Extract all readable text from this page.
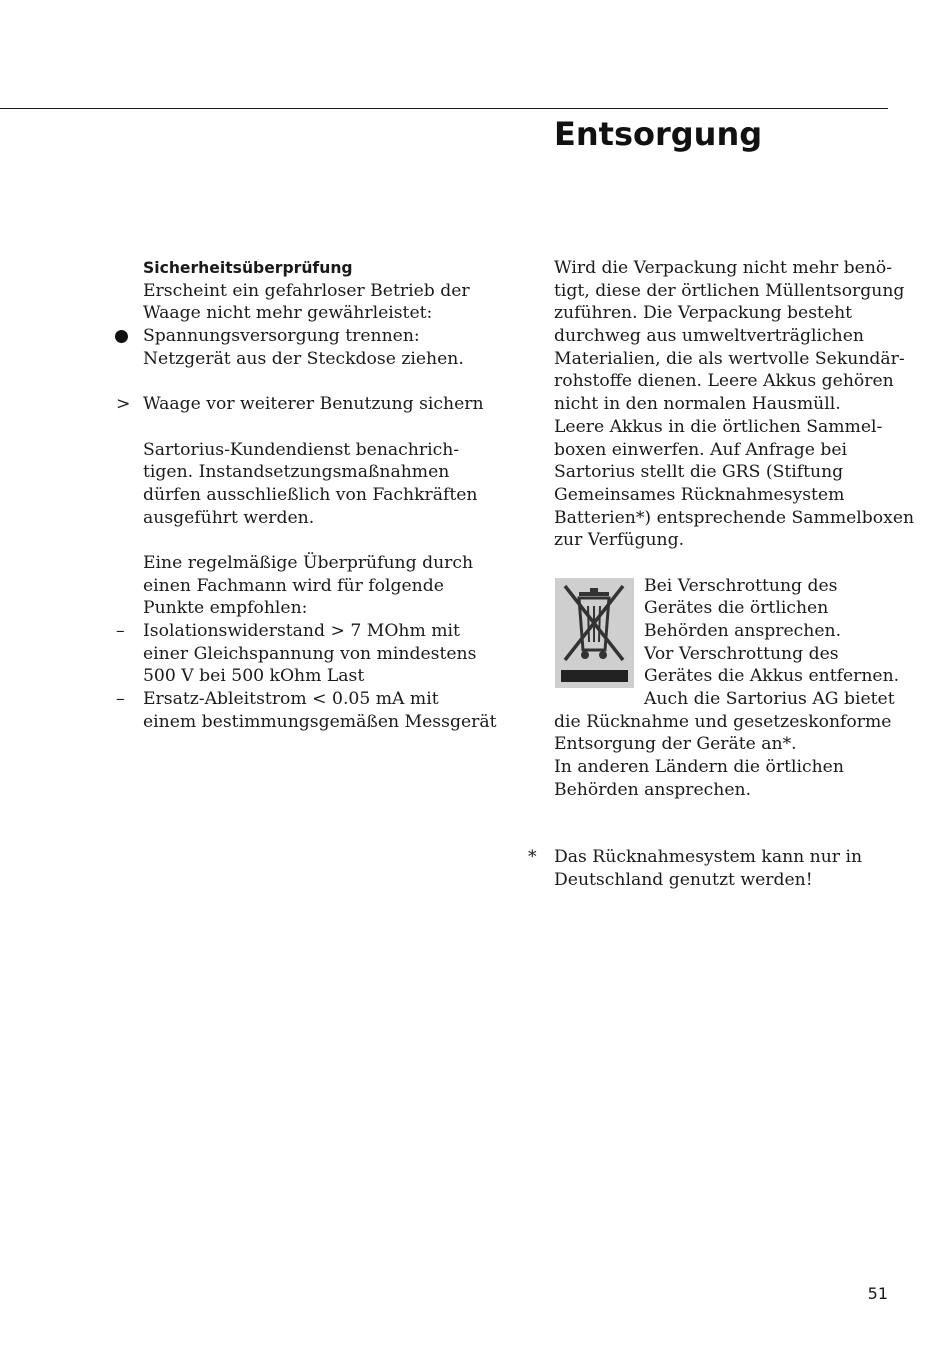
Entsorgung
Sicherheitsüberprüfung
Erscheint ein gefahrloser Betrieb der
Waage nicht mehr gewährleistet:
Spannungsversorgung trennen:
Netzgerät aus der Steckdose ziehen.
> Waage vor weiterer Benutzung sichern
Sartorius-Kundendienst benachrich-
tigen. Instandsetzungsmaßnahmen
dürfen ausschließlich von Fachkräften
ausgeführt werden.
Eine regelmäßige Überprüfung durch
einen Fachmann wird für folgende
Punkte empfohlen:
–	Isolationswiderstand > 7 MOhm mit
einer Gleichspannung von mindestens
500 V bei 500 kOhm Last
–	Ersatz-Ableitstrom < 0.05 mA mit
einem bestimmungsgemäßen Messgerät
Wird die Verpackung nicht mehr benö-
tigt, diese der örtlichen Müllentsorgung
zuführen. Die Verpackung besteht
durchweg aus umweltverträglichen
Materialien, die als wertvolle Sekundär-
rohstoffe dienen. Leere Akkus gehören
nicht in den normalen Hausmüll.
Leere Akkus in die örtlichen Sammel-
boxen einwerfen. Auf Anfrage bei
Sartorius stellt die GRS (Stiftung
Gemeinsames Rücknahmesystem
Batterien*) entsprechende Sammelboxen
zur Verfügung.
Bei Verschrottung des
Gerätes die örtlichen
Behörden ansprechen.
Vor Verschrottung des
Gerätes die Akkus entfernen.
Auch die Sartorius AG bietet
die Rücknahme und gesetzeskonforme
Entsorgung der Geräte an*.
In anderen Ländern die örtlichen
Behörden ansprechen.
*	Das Rücknahmesystem kann nur in
Deutschland genutzt werden!
51
